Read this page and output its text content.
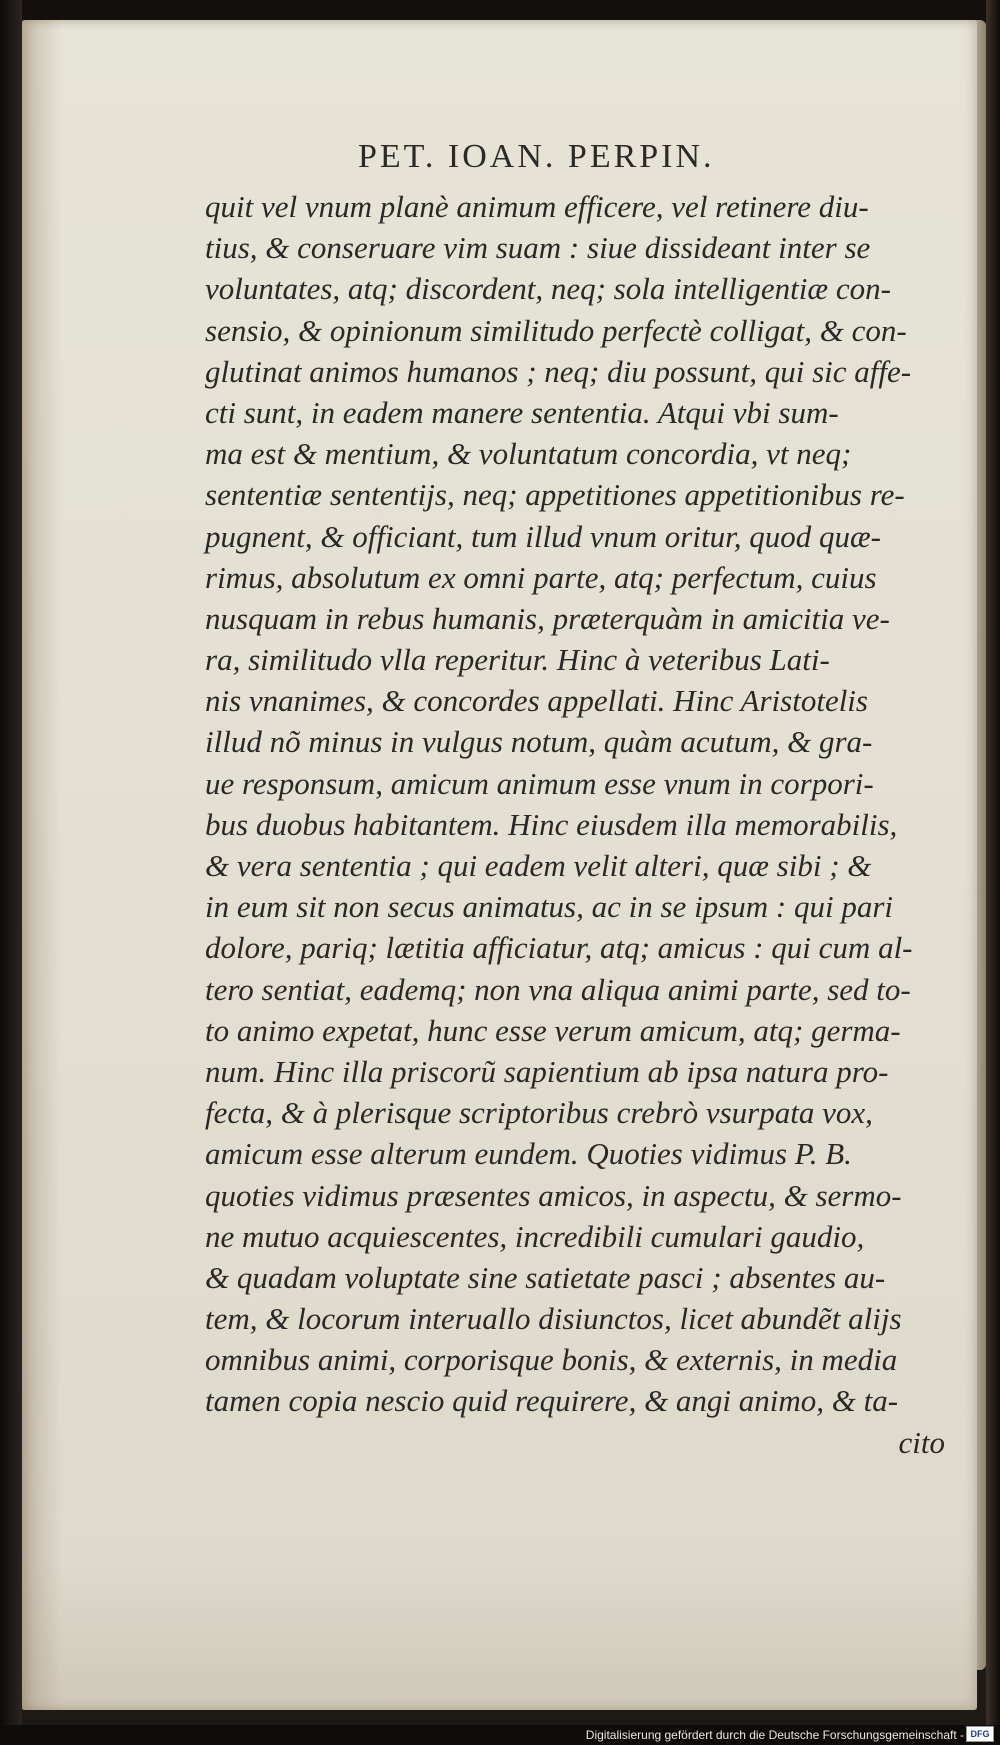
PET. IOAN. PERPIN.
quit vel vnum planè animum efficere, vel retinere diu-
tius, & conseruare vim suam : siue dissideant inter se
voluntates, atq; discordent, neq; sola intelligentiæ con-
sensio, & opinionum similitudo perfectè colligat, & con-
glutinat animos humanos ; neq; diu possunt, qui sic affe-
cti sunt, in eadem manere sententia. Atqui vbi sum-
ma est & mentium, & voluntatum concordia, vt neq;
sententiæ sententijs, neq; appetitiones appetitionibus re-
pugnent, & officiant, tum illud vnum oritur, quod quæ-
rimus, absolutum ex omni parte, atq; perfectum, cuius
nusquam in rebus humanis, præterquàm in amicitia ve-
ra, similitudo vlla reperitur. Hinc à veteribus Lati-
nis vnanimes, & concordes appellati. Hinc Aristotelis
illud nõ minus in vulgus notum, quàm acutum, & gra-
ue responsum, amicum animum esse vnum in corpori-
bus duobus habitantem. Hinc eiusdem illa memorabilis,
& vera sententia ; qui eadem velit alteri, quæ sibi ; &
in eum sit non secus animatus, ac in se ipsum : qui pari
dolore, pariq; lætitia afficiatur, atq; amicus : qui cum al-
tero sentiat, eademq; non vna aliqua animi parte, sed to-
to animo expetat, hunc esse verum amicum, atq; germa-
num. Hinc illa priscorũ sapientium ab ipsa natura pro-
fecta, & à plerisque scriptoribus crebrò vsurpata vox,
amicum esse alterum eundem. Quoties vidimus P. B.
quoties vidimus præsentes amicos, in aspectu, & sermo-
ne mutuo acquiescentes, incredibili cumulari gaudio,
& quadam voluptate sine satietate pasci ; absentes au-
tem, & locorum interuallo disiunctos, licet abundẽt alijs
omnibus animi, corporisque bonis, & externis, in media
tamen copia nescio quid requirere, & angi animo, & ta-
cito
Digitalisierung gefördert durch die Deutsche Forschungsgemeinschaft - DFG
